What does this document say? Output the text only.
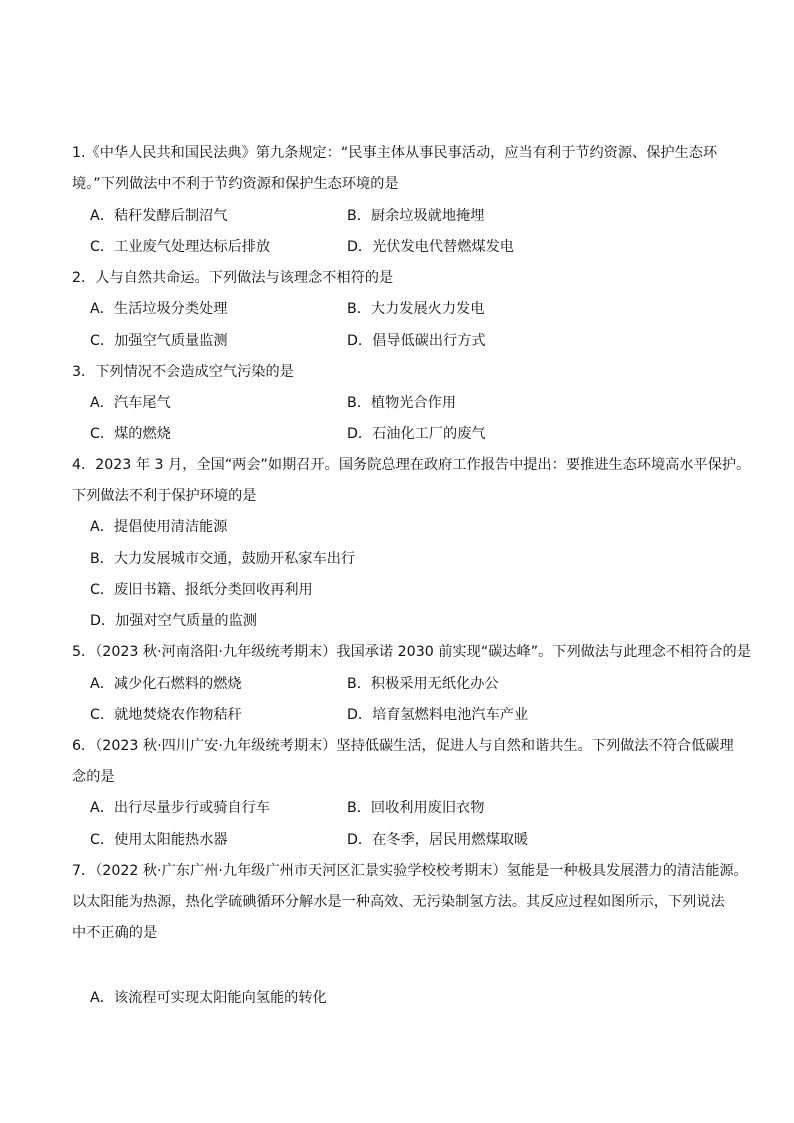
1.《中华人民共和国民法典》第九条规定：“民事主体从事民事活动，应当有利于节约资源、保护生态环
境。”下列做法中不利于节约资源和保护生态环境的是
A．秸秆发酵后制沼气	B．厨余垃圾就地掩埋
C．工业废气处理达标后排放	D．光伏发电代替燃煤发电
2．人与自然共命运。下列做法与该理念不相符的是
A．生活垃圾分类处理	B．大力发展火力发电
C．加强空气质量监测	D．倡导低碳出行方式
3．下列情况不会造成空气污染的是
A．汽车尾气	B．植物光合作用
C．煤的燃烧	D．石油化工厂的废气
4．2023 年 3 月，全国“两会”如期召开。国务院总理在政府工作报告中提出：要推进生态环境高水平保护。
下列做法不利于保护环境的是
A．提倡使用清洁能源
B．大力发展城市交通，鼓励开私家车出行
C．废旧书籍、报纸分类回收再利用
D．加强对空气质量的监测
5．（2023 秋·河南洛阳·九年级统考期末）我国承诺 2030 前实现“碳达峰”。下列做法与此理念不相符合的是
A．减少化石燃料的燃烧	B．积极采用无纸化办公
C．就地焚烧农作物秸秆	D．培育氢燃料电池汽车产业
6．（2023 秋·四川广安·九年级统考期末）坚持低碳生活，促进人与自然和谐共生。下列做法不符合低碳理
念的是
A．出行尽量步行或骑自行车	B．回收利用废旧衣物
C．使用太阳能热水器	D．在冬季，居民用燃煤取暖
7．（2022 秋·广东广州·九年级广州市天河区汇景实验学校校考期末）氢能是一种极具发展潜力的清洁能源。
以太阳能为热源，热化学硫碘循环分解水是一种高效、无污染制氢方法。其反应过程如图所示，下列说法
中不正确的是
A．该流程可实现太阳能向氢能的转化
